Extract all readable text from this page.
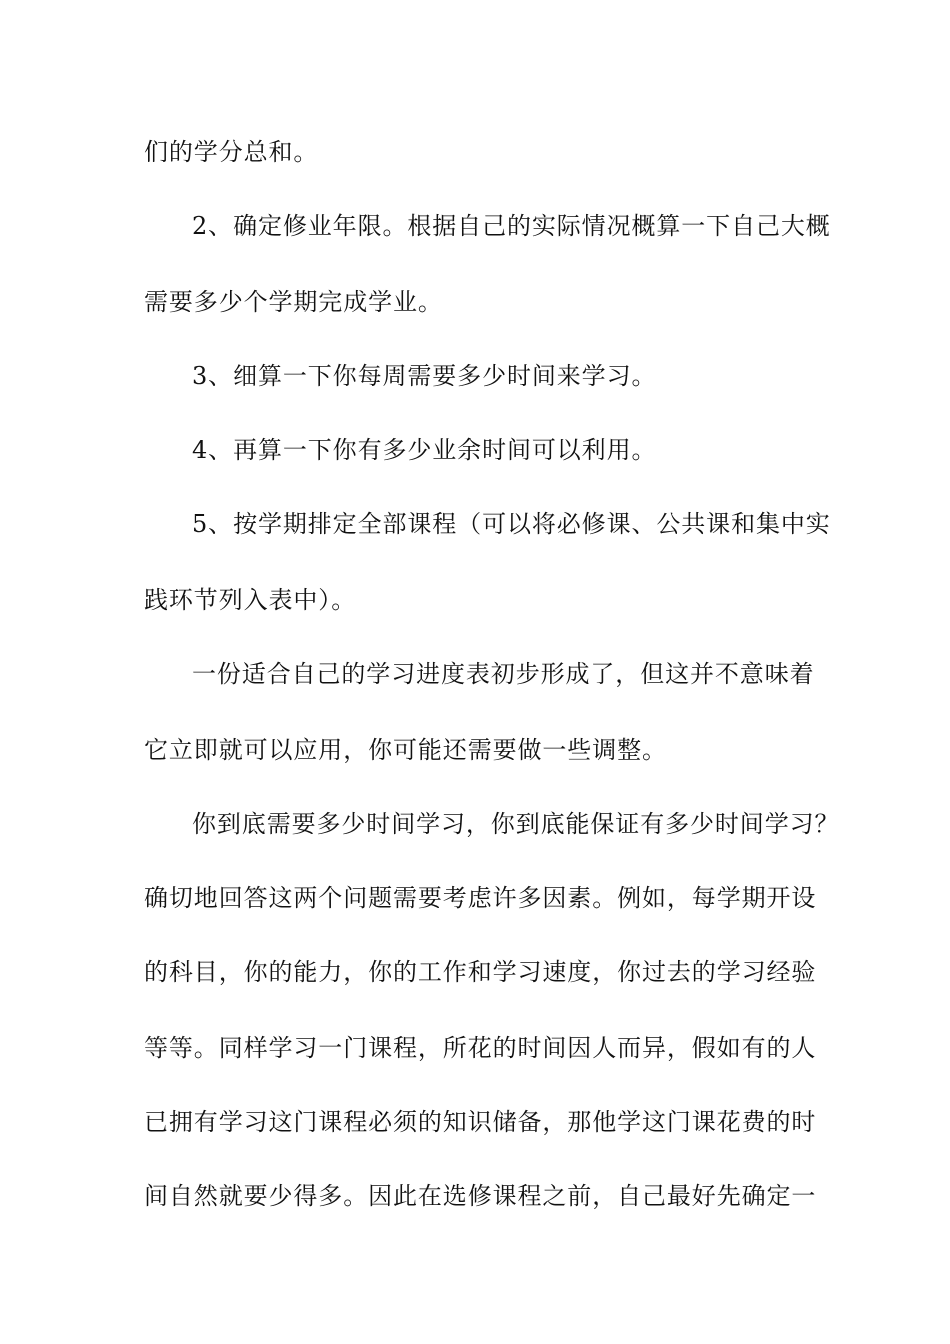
们的学分总和。
2、确定修业年限。根据自己的实际情况概算一下自己大概
需要多少个学期完成学业。
3、细算一下你每周需要多少时间来学习。
4、再算一下你有多少业余时间可以利用。
5、按学期排定全部课程（可以将必修课、公共课和集中实
践环节列入表中）。
一份适合自己的学习进度表初步形成了，但这并不意味着
它立即就可以应用，你可能还需要做一些调整。
你到底需要多少时间学习，你到底能保证有多少时间学习？
确切地回答这两个问题需要考虑许多因素。例如，每学期开设
的科目，你的能力，你的工作和学习速度，你过去的学习经验
等等。同样学习一门课程，所花的时间因人而异，假如有的人
已拥有学习这门课程必须的知识储备，那他学这门课花费的时
间自然就要少得多。因此在选修课程之前，自己最好先确定一
